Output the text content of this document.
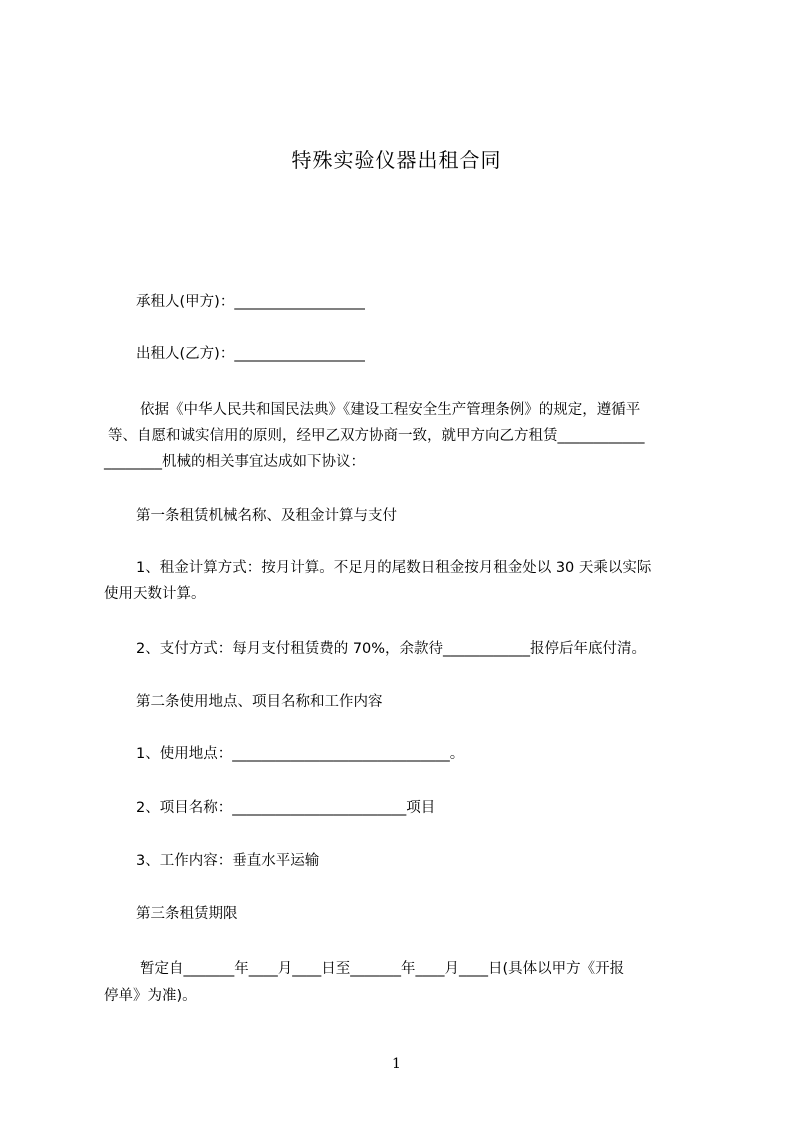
特殊实验仪器出租合同
承租人(甲方)：__________________
出租人(乙方)：__________________
依据《中华人民共和国民法典》《建设工程安全生产管理条例》的规定，遵循平
等、自愿和诚实信用的原则，经甲乙双方协商一致，就甲方向乙方租赁____________
________机械的相关事宜达成如下协议：
第一条租赁机械名称、及租金计算与支付
1、租金计算方式：按月计算。不足月的尾数日租金按月租金处以 30 天乘以实际
使用天数计算。
2、支付方式：每月支付租赁费的 70%，余款待____________报停后年底付清。
第二条使用地点、项目名称和工作内容
1、使用地点：______________________________。
2、项目名称：________________________项目
3、工作内容：垂直水平运输
第三条租赁期限
暂定自_______年____月____日至_______年____月____日(具体以甲方《开报
停单》为准)。
1
